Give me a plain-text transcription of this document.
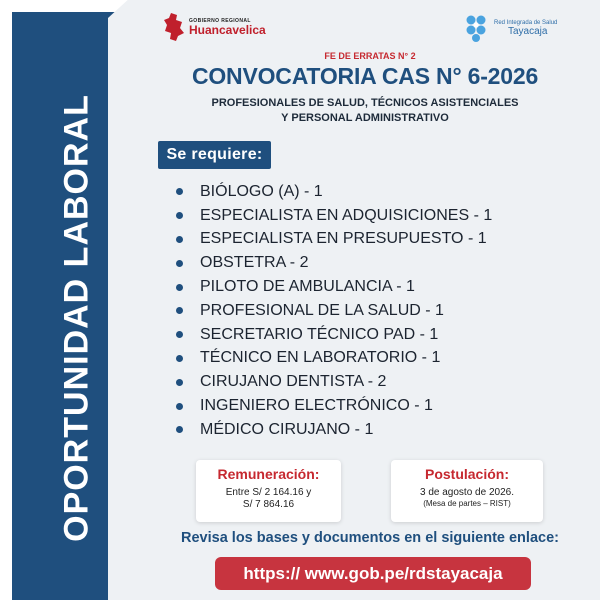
OPORTUNIDAD LABORAL
GOBIERNO REGIONAL
Huancavelica
Red Integrada de Salud
Tayacaja
FE DE ERRATAS N° 2
CONVOCATORIA CAS N° 6-2026
PROFESIONALES DE SALUD, TÉCNICOS ASISTENCIALES
Y PERSONAL ADMINISTRATIVO
Se requiere:
BIÓLOGO (A) - 1
ESPECIALISTA EN ADQUISICIONES - 1
ESPECIALISTA EN PRESUPUESTO - 1
OBSTETRA - 2
PILOTO DE AMBULANCIA - 1
PROFESIONAL DE LA SALUD - 1
SECRETARIO TÉCNICO PAD - 1
TÉCNICO EN LABORATORIO - 1
CIRUJANO DENTISTA - 2
INGENIERO ELECTRÓNICO - 1
MÉDICO CIRUJANO - 1
Remuneración:
Entre S/ 2 164.16 y
S/ 7 864.16
Postulación:
3 de agosto de 2026.
(Mesa de partes – RIST)
Revisa los bases y documentos en el siguiente enlace:
https:// www.gob.pe/rdstayacaja
